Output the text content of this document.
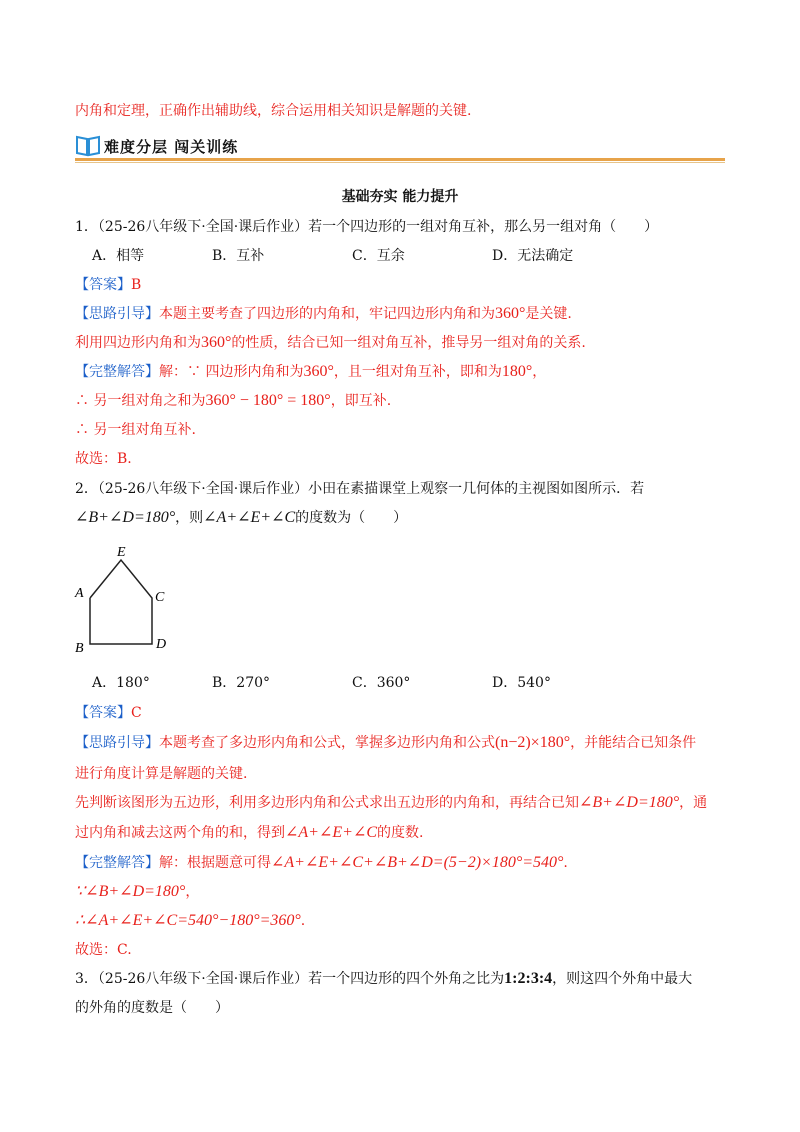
内角和定理，正确作出辅助线，综合运用相关知识是解题的关键.
难度分层 闯关训练
基础夯实 能力提升
1．（25-26八年级下·全国·课后作业）若一个四边形的一组对角互补，那么另一组对角（　　）
A．相等	B．互补	C．互余	D．无法确定
【答案】B
【思路引导】本题主要考查了四边形的内角和，牢记四边形内角和为360°是关键.
利用四边形内角和为360°的性质，结合已知一组对角互补，推导另一组对角的关系.
【完整解答】解：∵ 四边形内角和为360°，且一组对角互补，即和为180°，
∴ 另一组对角之和为360° − 180° = 180°，即互补.
∴ 另一组对角互补.
故选：B.
2．（25-26八年级下·全国·课后作业）小田在素描课堂上观察一几何体的主视图如图所示．若
∠B+∠D=180°，则∠A+∠E+∠C的度数为（　　）
E
A	C
B	D
A．180°	B．270°	C．360°	D．540°
【答案】C
【思路引导】本题考查了多边形内角和公式，掌握多边形内角和公式(n−2)×180°，并能结合已知条件
进行角度计算是解题的关键.
先判断该图形为五边形，利用多边形内角和公式求出五边形的内角和，再结合已知∠B+∠D=180°，通
过内角和减去这两个角的和，得到∠A+∠E+∠C的度数.
【完整解答】解：根据题意可得∠A+∠E+∠C+∠B+∠D=(5−2)×180°=540°.
∵∠B+∠D=180°，
∴∠A+∠E+∠C=540°−180°=360°.
故选：C.
3．（25-26八年级下·全国·课后作业）若一个四边形的四个外角之比为1:2:3:4，则这四个外角中最大
的外角的度数是（　　）
